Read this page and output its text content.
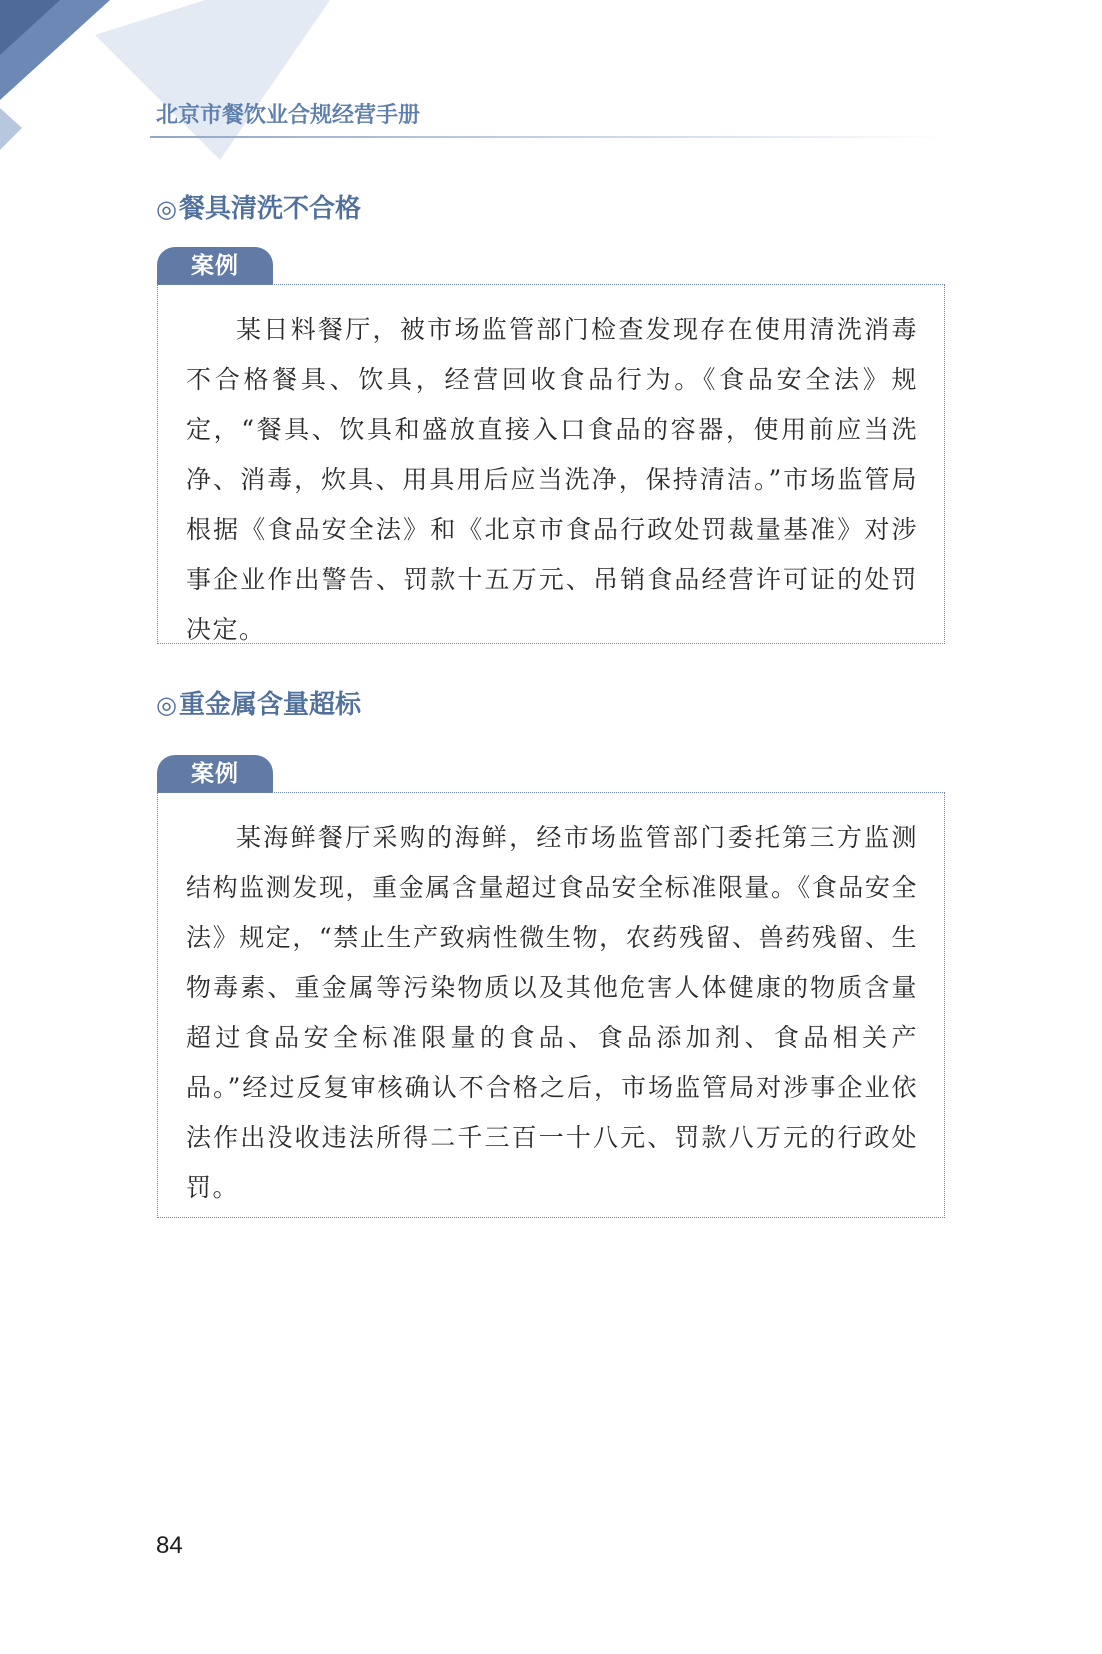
北京市餐饮业合规经营手册
◎餐具清洗不合格
案例

某日料餐厅，被市场监管部门检查发现存在使用清洗消毒不合格餐具、饮具，经营回收食品行为。《食品安全法》规定，“餐具、饮具和盛放直接入口食品的容器，使用前应当洗净、消毒，炊具、用具用后应当洗净，保持清洁。”市场监管局根据《食品安全法》和《北京市食品行政处罚裁量基准》对涉事企业作出警告、罚款十五万元、吊销食品经营许可证的处罚决定。

◎重金属含量超标
案例

某海鲜餐厅采购的海鲜，经市场监管部门委托第三方监测结构监测发现，重金属含量超过食品安全标准限量。《食品安全法》规定，“禁止生产致病性微生物，农药残留、兽药残留、生物毒素、重金属等污染物质以及其他危害人体健康的物质含量超过食品安全标准限量的食品、食品添加剂、食品相关产品。”经过反复审核确认不合格之后，市场监管局对涉事企业依法作出没收违法所得二千三百一十八元、罚款八万元的行政处罚。

84
